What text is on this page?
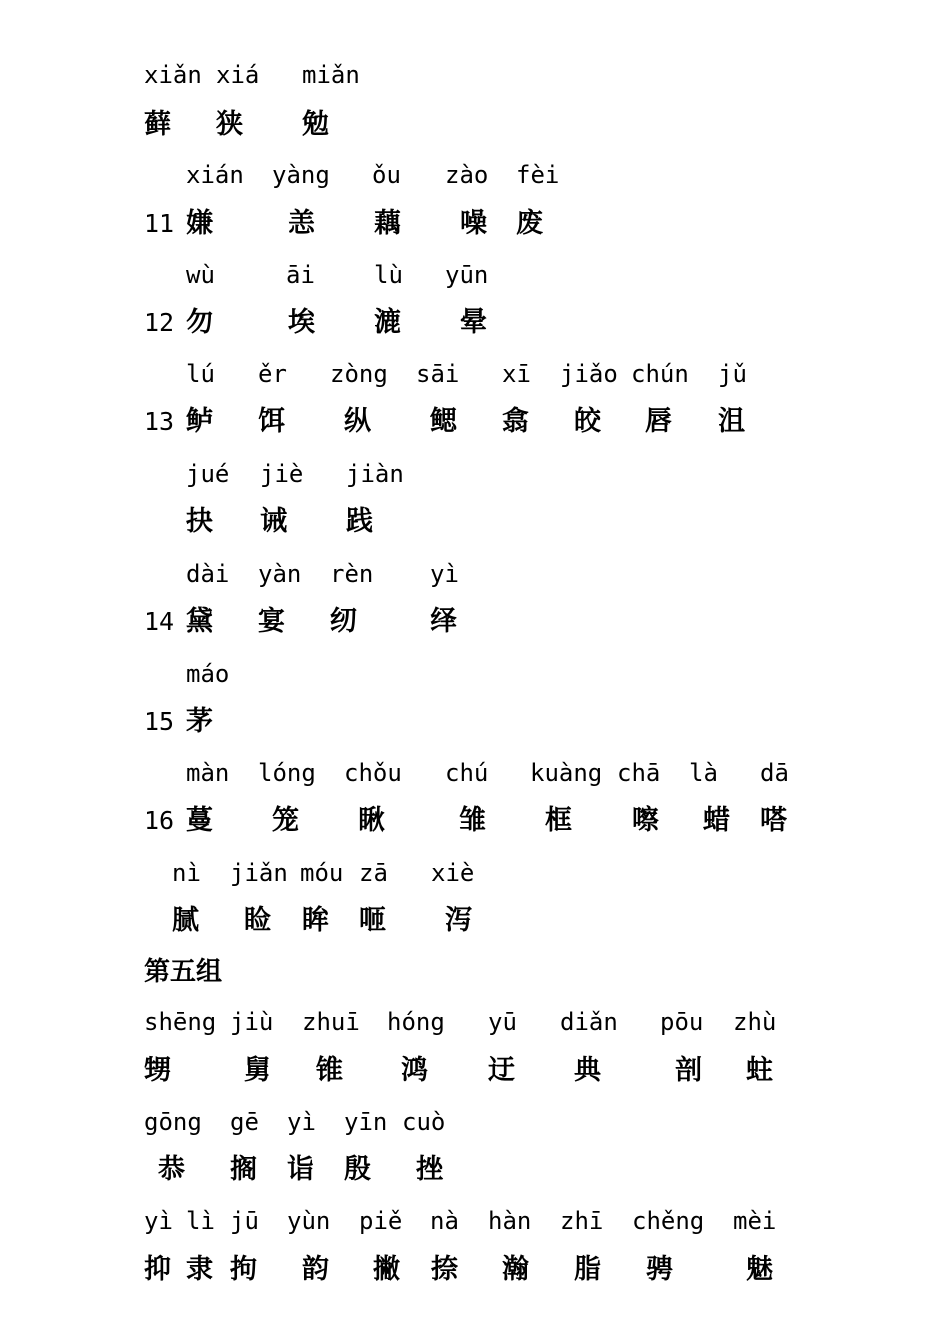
xiǎn xiá miǎn
藓 狭 勉
xián yàng ǒu zào fèi
11 嫌	恙 藕 噪 废
wù	āi lù yūn
12 勿	埃 漉 晕
lú ěr zòng sāi xī jiǎo chún jǔ
13 鲈 饵 纵 鳃 翕 皎 唇 沮
jué jiè jiàn
抉 诫 践
dài yàn rèn yì
14 黛 宴 纫	绎
máo
15 茅
màn lóng chǒu chú kuàng chā là dā
16 蔓 笼 瞅	雏 框 嚓 蜡 嗒
nì jiǎn móu zā xiè
腻 睑 眸 咂 泻
第五组
shēng jiù zhuī hóng yū diǎn pōu zhù
甥	舅 锥 鸿 迂 典	剖 蛀
gōng gē yì yīn cuò
恭 搁 诣 殷 挫
yì lì jū yùn piě nà hàn zhī chěng mèi
抑 隶 拘 韵 撇 捺 瀚 脂 骋	魅
